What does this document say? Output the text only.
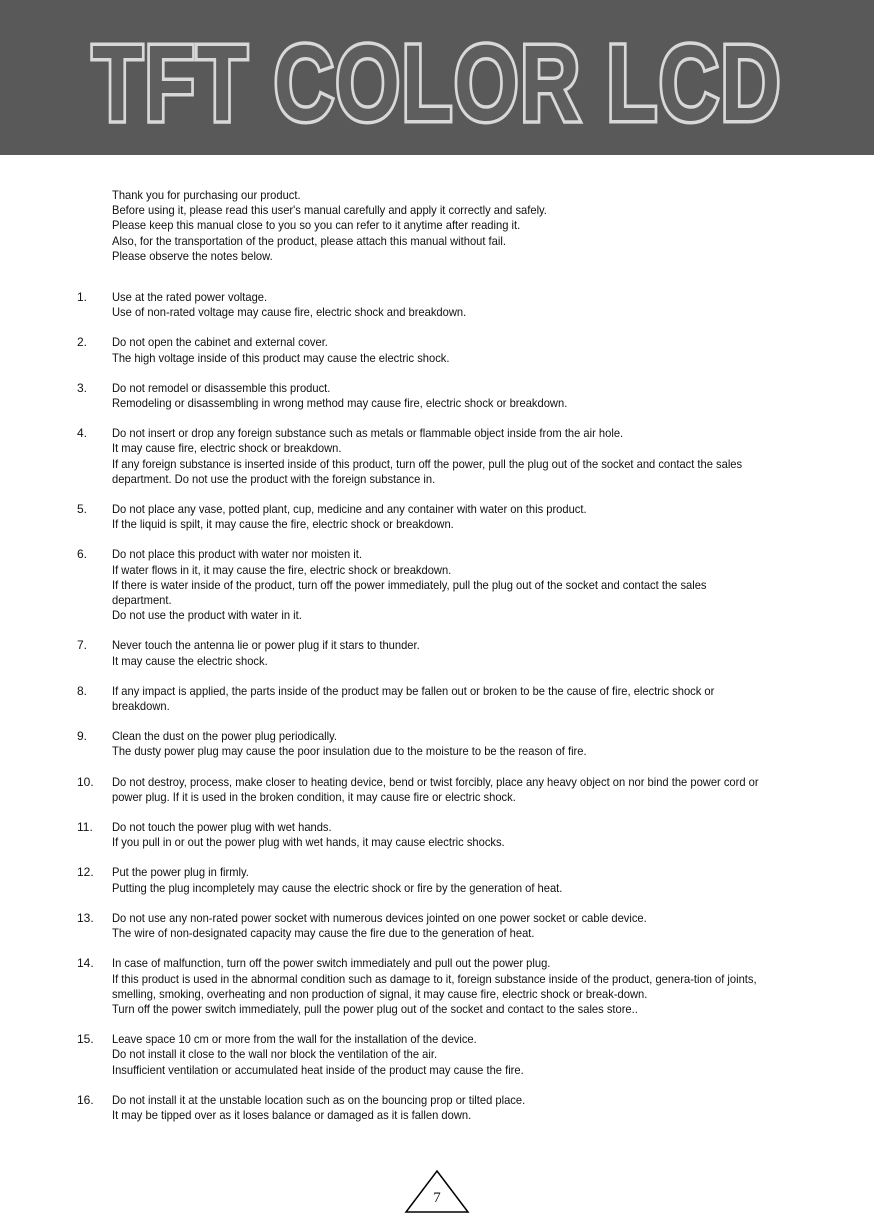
TFT COLOR LCD
Thank you for purchasing our product.
Before using it, please read this user's manual carefully and apply it correctly and safely.
Please keep this manual close to you so you can refer to it anytime after reading it.
Also, for the transportation of the product, please attach this manual without fail.
Please observe the notes below.
1. Use at the rated power voltage.
Use of non-rated voltage may cause fire, electric shock and breakdown.
2. Do not open the cabinet and external cover.
The high voltage inside of this product may cause the electric shock.
3. Do not remodel or disassemble this product.
Remodeling or disassembling in wrong method may cause fire, electric shock or breakdown.
4. Do not insert or drop any foreign substance such as metals or flammable object inside from the air hole.
It may cause fire, electric shock or breakdown.
If any foreign substance is inserted inside of this product, turn off the power, pull the plug out of the socket and contact the sales department. Do not use the product with the foreign substance in.
5. Do not place any vase, potted plant, cup, medicine and any container with water on this product.
If the liquid is spilt, it may cause the fire, electric shock or breakdown.
6. Do not place this product with water nor moisten it.
If water flows in it, it may cause the fire, electric shock or breakdown.
If there is water inside of the product, turn off the power immediately, pull the plug out of the socket and contact the sales department.
Do not use the product with water in it.
7. Never touch the antenna lie or power plug if it stars to thunder.
It may cause the electric shock.
8. If any impact is applied, the parts inside of the product may be fallen out or broken to be the cause of fire, electric shock or breakdown.
9. Clean the dust on the power plug periodically.
The dusty power plug may cause the poor insulation due to the moisture to be the reason of fire.
10. Do not destroy, process, make closer to heating device, bend or twist forcibly, place any heavy object on nor bind the power cord or power plug. If it is used in the broken condition, it may cause fire or electric shock.
11. Do not touch the power plug with wet hands.
If you pull in or out the power plug with wet hands, it may cause electric shocks.
12. Put the power plug in firmly.
Putting the plug incompletely may cause the electric shock or fire by the generation of heat.
13. Do not use any non-rated power socket with numerous devices jointed on one power socket or cable device.
The wire of non-designated capacity may cause the fire due to the generation of heat.
14. In case of malfunction, turn off the power switch immediately and pull out the power plug.
If this product is used in the abnormal condition such as damage to it, foreign substance inside of the product, genera-tion of joints, smelling, smoking, overheating and non production of signal, it may cause fire, electric shock or break-down.
Turn off the power switch immediately, pull the power plug out of the socket and contact to the sales store..
15. Leave space 10 cm or more from the wall for the installation of the device.
Do not install it close to the wall nor block the ventilation of the air.
Insufficient ventilation or accumulated heat inside of the product may cause the fire.
16. Do not install it at the unstable location such as on the bouncing prop or tilted place.
It may be tipped over as it loses balance or damaged as it is fallen down.
7
